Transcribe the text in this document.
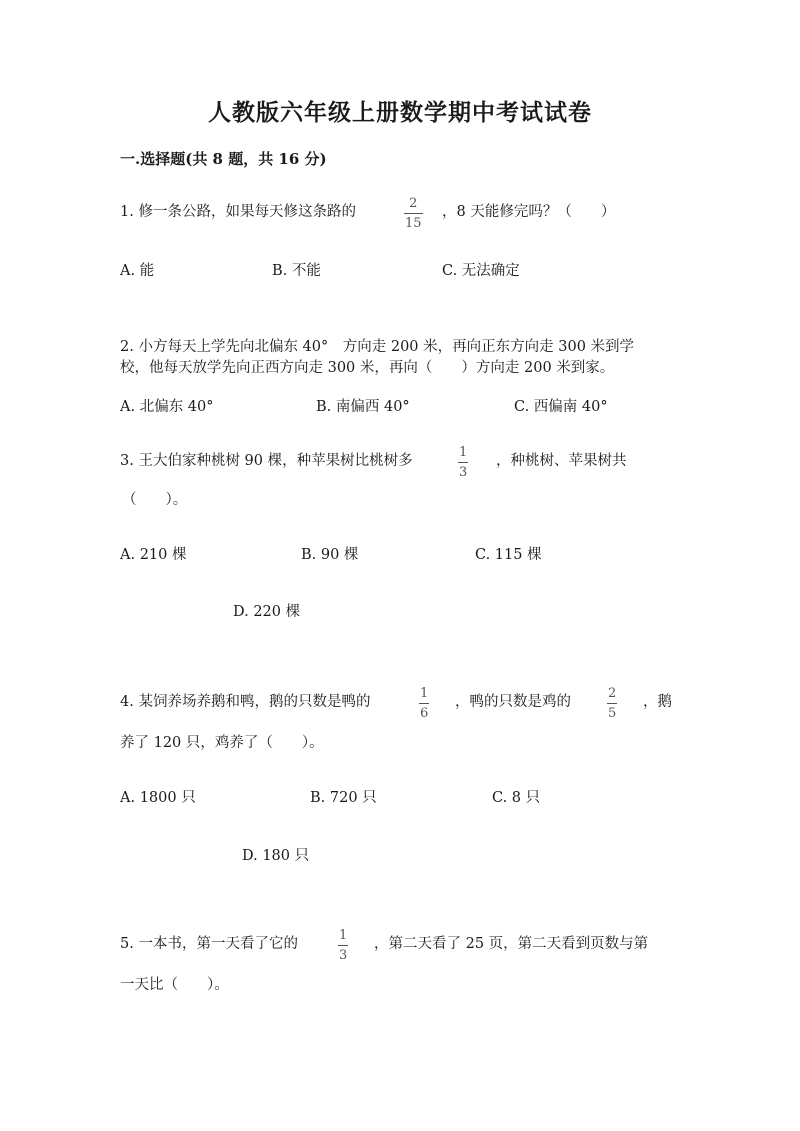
人教版六年级上册数学期中考试试卷
一.选择题(共 8 题，共 16 分)
1. 修一条公路，如果每天修这条路的
2
15
，8 天能修完吗？（　　）
A. 能	B. 不能	C. 无法确定
2. 小方每天上学先向北偏东 40°　方向走 200 米，再向正东方向走 300 米到学
校，他每天放学先向正西方向走 300 米，再向（　　）方向走 200 米到家。
A. 北偏东 40°	B. 南偏西 40°	C. 西偏南 40°
3. 王大伯家种桃树 90 棵，种苹果树比桃树多
1
3
，种桃树、苹果树共
（　　）。
A. 210 棵	B. 90 棵	C. 115 棵
D. 220 棵
4. 某饲养场养鹅和鸭，鹅的只数是鸭的
1
6
，鸭的只数是鸡的
2
5
，鹅
养了 120 只，鸡养了（　　）。
A. 1800 只	B. 720 只	C. 8 只
D. 180 只
5. 一本书，第一天看了它的
1
3
，第二天看了 25 页，第二天看到页数与第
一天比（　　）。
